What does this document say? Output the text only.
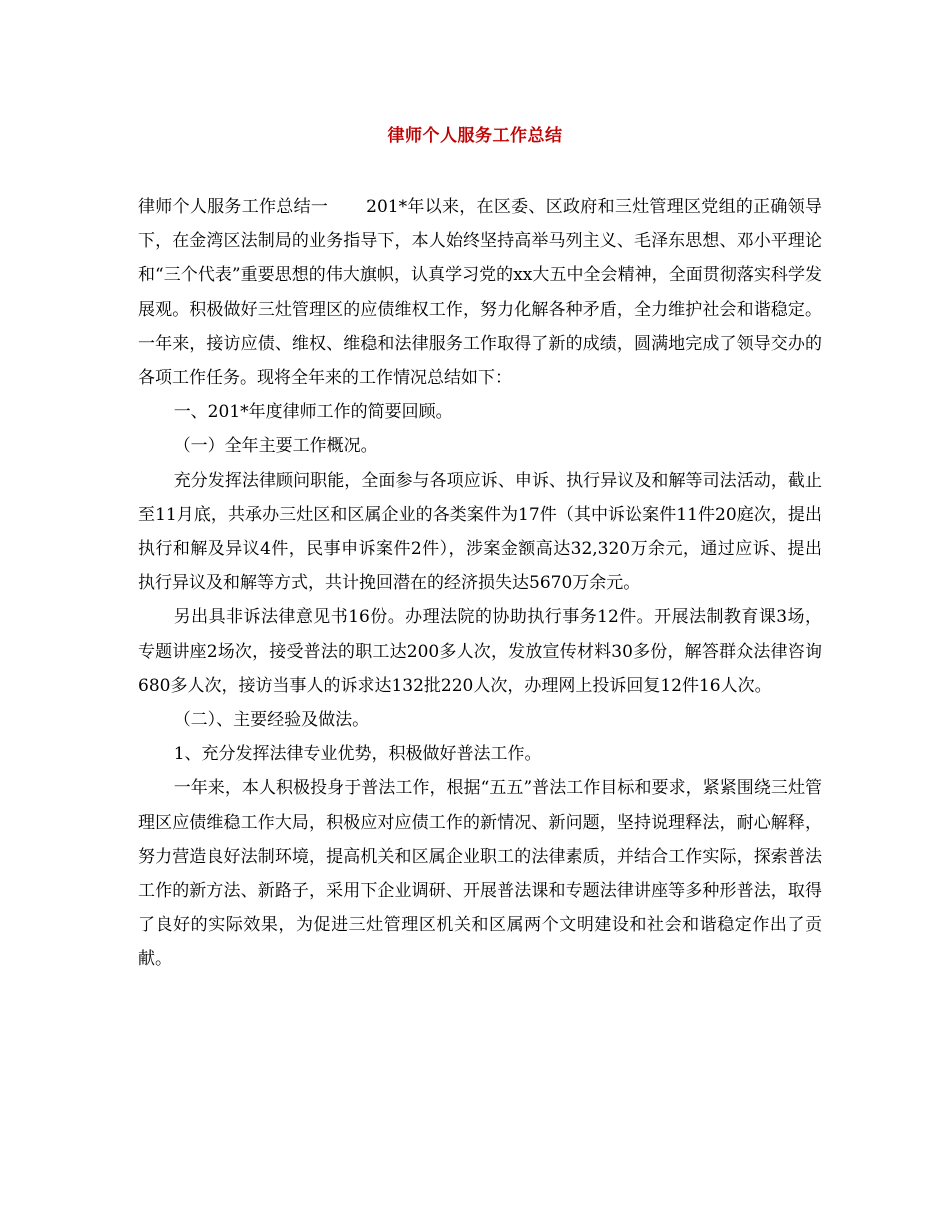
律师个人服务工作总结

律师个人服务工作总结一 201*年以来，在区委、区政府和三灶管理区党组的正确领导下，在金湾区法制局的业务指导下，本人始终坚持高举马列主义、毛泽东思想、邓小平理论和“三个代表”重要思想的伟大旗帜，认真学习党的xx大五中全会精神，全面贯彻落实科学发展观。积极做好三灶管理区的应债维权工作，努力化解各种矛盾，全力维护社会和谐稳定。一年来，接访应债、维权、维稳和法律服务工作取得了新的成绩，圆满地完成了领导交办的各项工作任务。现将全年来的工作情况总结如下：

一、201*年度律师工作的简要回顾。

（一）全年主要工作概况。

充分发挥法律顾问职能，全面参与各项应诉、申诉、执行异议及和解等司法活动，截止至11月底，共承办三灶区和区属企业的各类案件为17件（其中诉讼案件11件20庭次，提出执行和解及异议4件，民事申诉案件2件），涉案金额高达32,320万余元，通过应诉、提出执行异议及和解等方式，共计挽回潜在的经济损失达5670万余元。

另出具非诉法律意见书16份。办理法院的协助执行事务12件。开展法制教育课3场，专题讲座2场次，接受普法的职工达200多人次，发放宣传材料30多份，解答群众法律咨询680多人次，接访当事人的诉求达132批220人次，办理网上投诉回复12件16人次。

（二）、主要经验及做法。

1、充分发挥法律专业优势，积极做好普法工作。

一年来，本人积极投身于普法工作，根据“五五”普法工作目标和要求，紧紧围绕三灶管理区应债维稳工作大局，积极应对应债工作的新情况、新问题，坚持说理释法，耐心解释，努力营造良好法制环境，提高机关和区属企业职工的法律素质，并结合工作实际，探索普法工作的新方法、新路子，采用下企业调研、开展普法课和专题法律讲座等多种形普法，取得了良好的实际效果，为促进三灶管理区机关和区属两个文明建设和社会和谐稳定作出了贡献。
